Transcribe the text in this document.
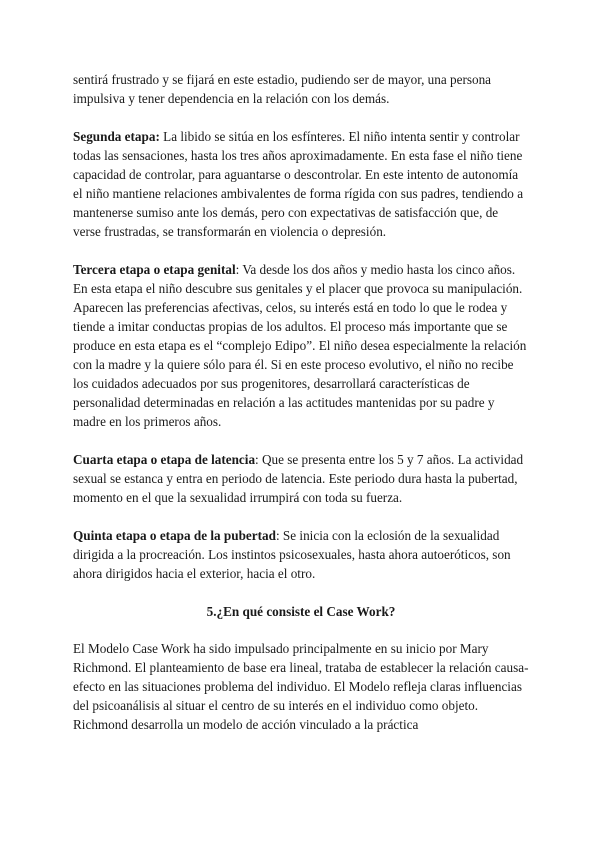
sentirá frustrado y se fijará en este estadio, pudiendo ser de mayor, una persona impulsiva y tener dependencia en la relación con los demás.

Segunda etapa: La libido se sitúa en los esfínteres. El niño intenta sentir y controlar todas las sensaciones, hasta los tres años aproximadamente. En esta fase el niño tiene capacidad de controlar, para aguantarse o descontrolar. En este intento de autonomía el niño mantiene relaciones ambivalentes de forma rígida con sus padres, tendiendo a mantenerse sumiso ante los demás, pero con expectativas de satisfacción que, de verse frustradas, se transformarán en violencia o depresión.

Tercera etapa o etapa genital: Va desde los dos años y medio hasta los cinco años. En esta etapa el niño descubre sus genitales y el placer que provoca su manipulación. Aparecen las preferencias afectivas, celos, su interés está en todo lo que le rodea y tiende a imitar conductas propias de los adultos. El proceso más importante que se produce en esta etapa es el “complejo Edipo”. El niño desea especialmente la relación con la madre y la quiere sólo para él. Si en este proceso evolutivo, el niño no recibe los cuidados adecuados por sus progenitores, desarrollará características de personalidad determinadas en relación a las actitudes mantenidas por su padre y madre en los primeros años.

Cuarta etapa o etapa de latencia: Que se presenta entre los 5 y 7 años. La actividad sexual se estanca y entra en periodo de latencia. Este periodo dura hasta la pubertad, momento en el que la sexualidad irrumpirá con toda su fuerza.

Quinta etapa o etapa de la pubertad: Se inicia con la eclosión de la sexualidad dirigida a la procreación. Los instintos psicosexuales, hasta ahora autoeróticos, son ahora dirigidos hacia el exterior, hacia el otro.

5.¿En qué consiste el Case Work?

El Modelo Case Work ha sido impulsado principalmente en su inicio por Mary Richmond. El planteamiento de base era lineal, trataba de establecer la relación causa-efecto en las situaciones problema del individuo. El Modelo refleja claras influencias del psicoanálisis al situar el centro de su interés en el individuo como objeto. Richmond desarrolla un modelo de acción vinculado a la práctica
